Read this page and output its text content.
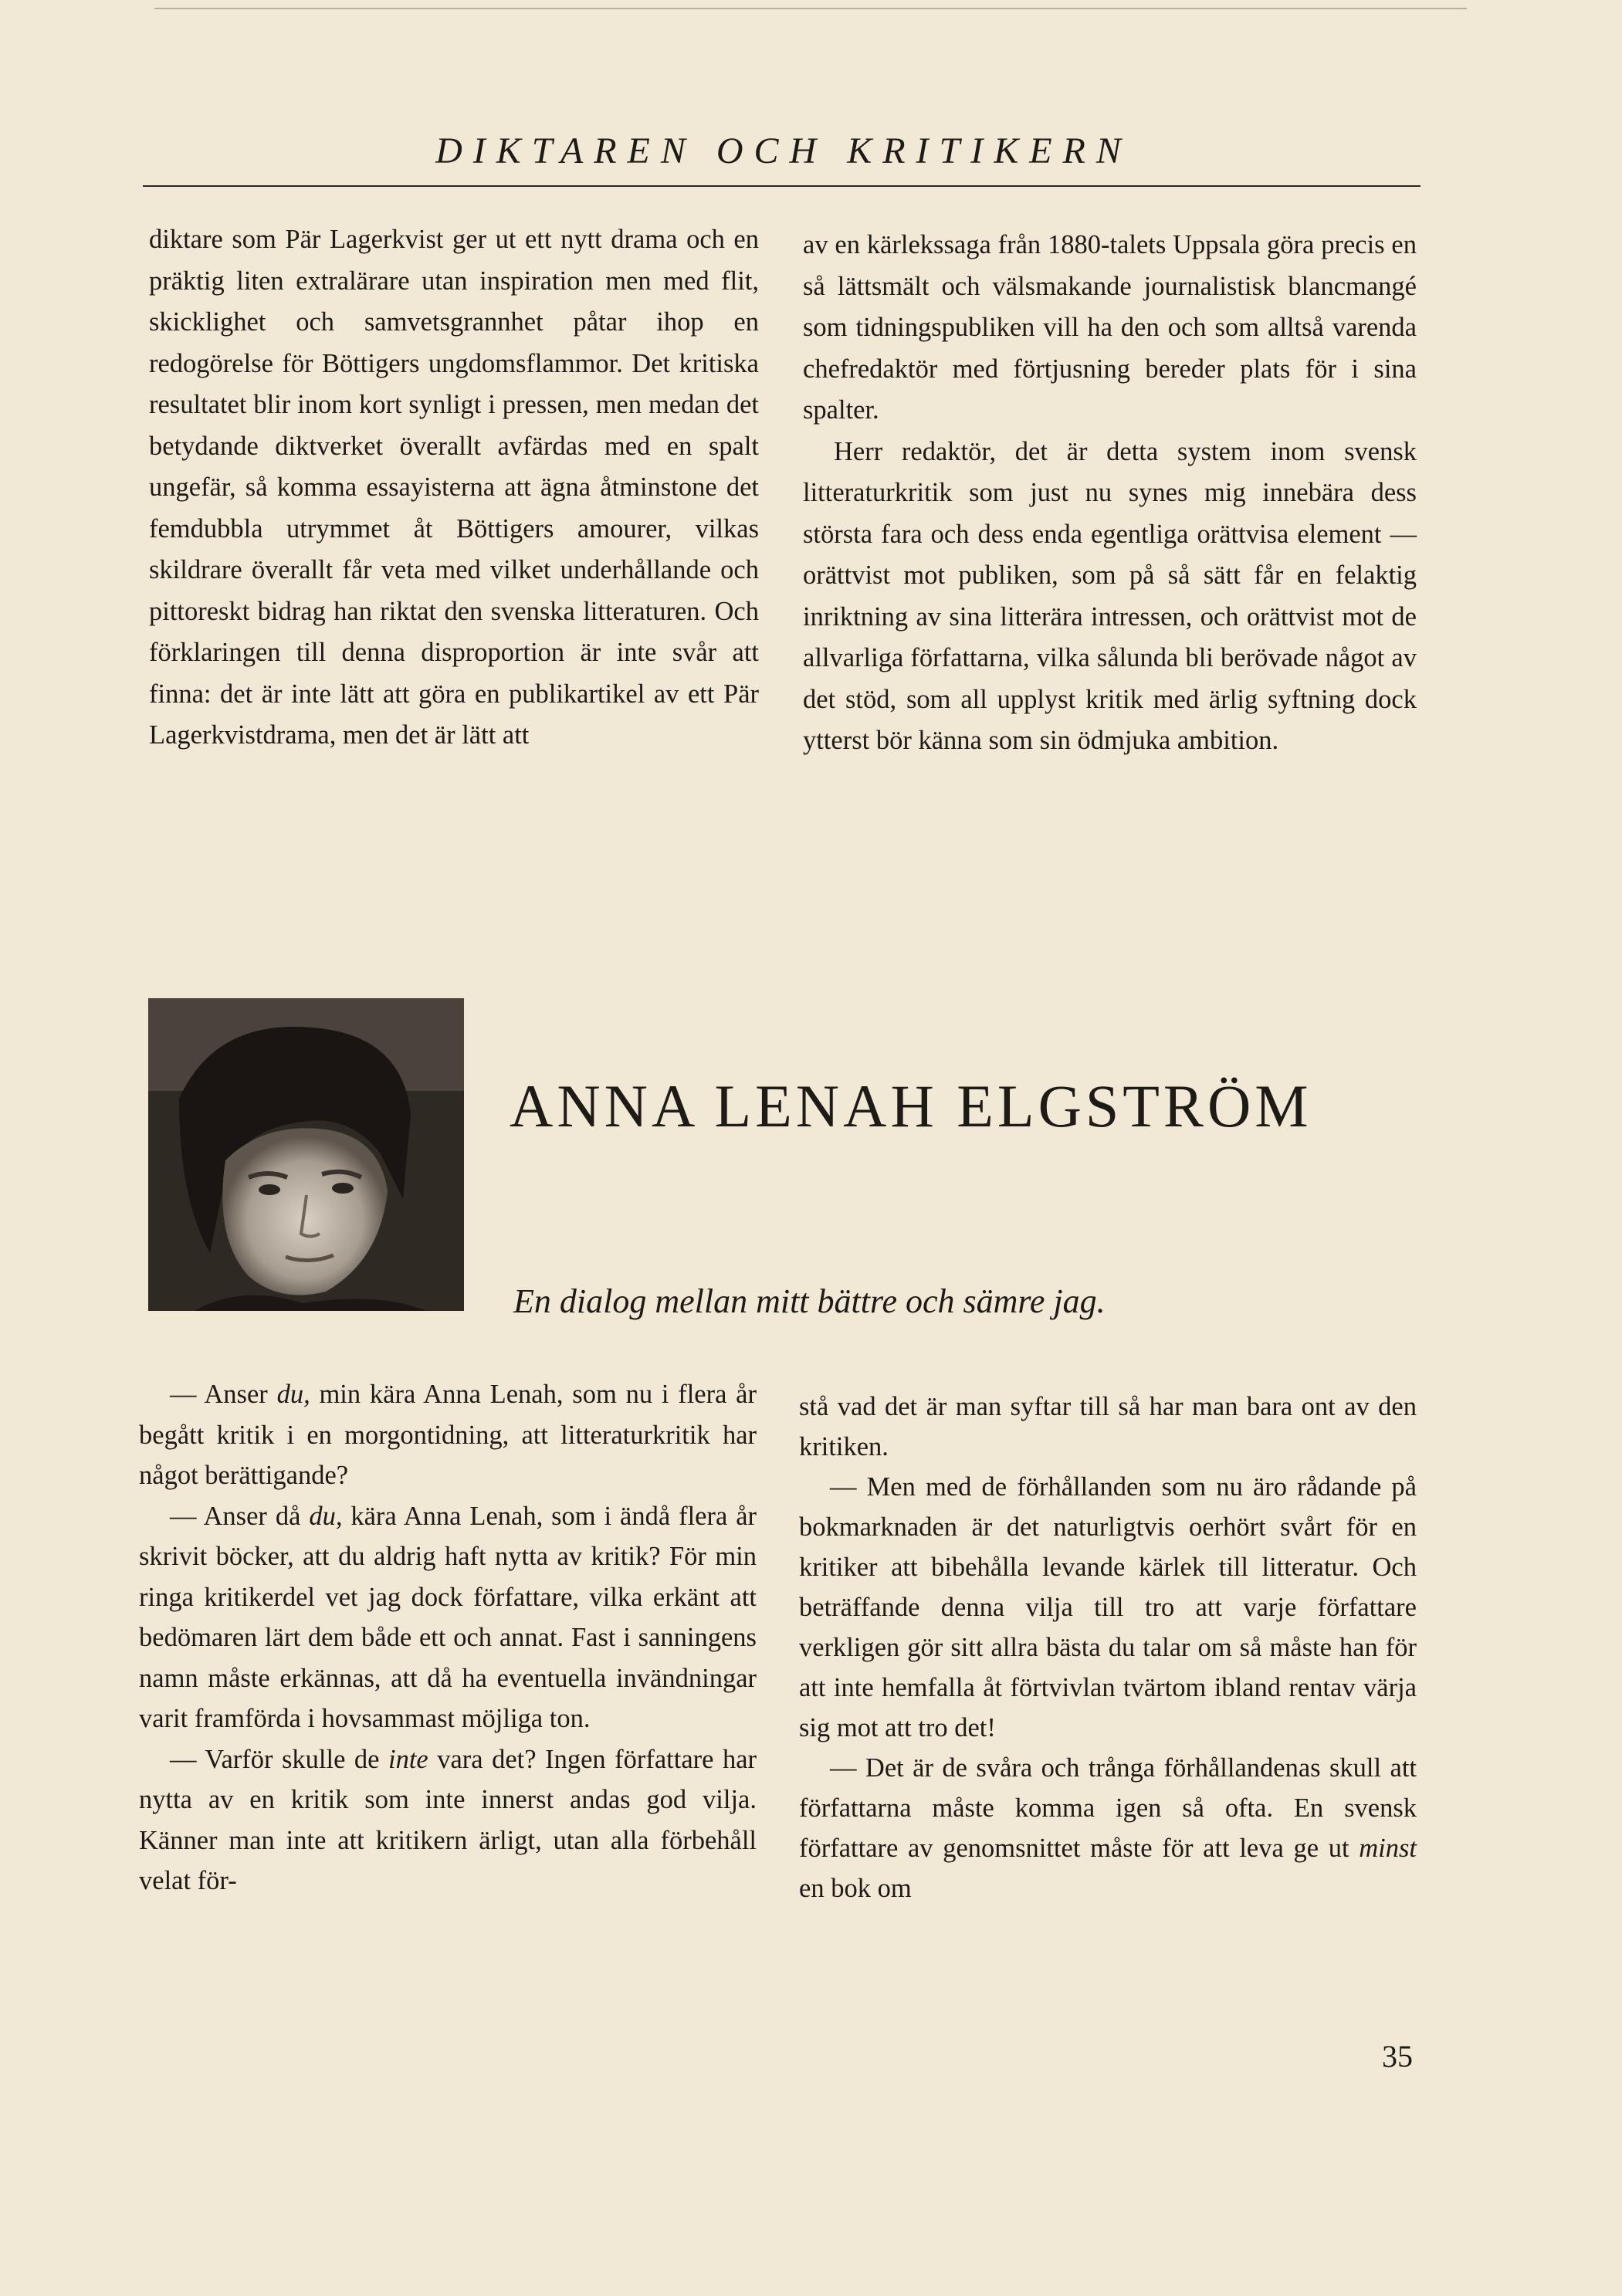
DIKTAREN OCH KRITIKERN

diktare som Pär Lagerkvist ger ut ett nytt drama och en präktig liten extralärare utan inspiration men med flit, skicklighet och samvetsgrannhet påtar ihop en redogörelse för Böttigers ungdomsflammor. Det kritiska resultatet blir inom kort synligt i pressen, men medan det betydande diktverket överallt avfärdas med en spalt ungefär, så komma essayisterna att ägna åtminstone det femdubbla utrymmet åt Böttigers amourer, vilkas skildrare överallt får veta med vilket underhållande och pittoreskt bidrag han riktat den svenska litteraturen. Och förklaringen till denna disproportion är inte svår att finna: det är inte lätt att göra en publikartikel av ett Pär Lagerkvistdrama, men det är lätt att

av en kärlekssaga från 1880-talets Uppsala göra precis en så lättsmält och välsmakande journalistisk blancmangé som tidningspubliken vill ha den och som alltså varenda chefredaktör med förtjusning bereder plats för i sina spalter.

Herr redaktör, det är detta system inom svensk litteraturkritik som just nu synes mig innebära dess största fara och dess enda egentliga orättvisa element — orättvist mot publiken, som på så sätt får en felaktig inriktning av sina litterära intressen, och orättvist mot de allvarliga författarna, vilka sålunda bli berövade något av det stöd, som all upplyst kritik med ärlig syftning dock ytterst bör känna som sin ödmjuka ambition.

ANNA LENAH ELGSTRÖM
En dialog mellan mitt bättre och sämre jag.

— Anser du, min kära Anna Lenah, som nu i flera år begått kritik i en morgontidning, att litteraturkritik har något berättigande?

— Anser då du, kära Anna Lenah, som i ändå flera år skrivit böcker, att du aldrig haft nytta av kritik? För min ringa kritikerdel vet jag dock författare, vilka erkänt att bedömaren lärt dem både ett och annat. Fast i sanningens namn måste erkännas, att då ha eventuella invändningar varit framförda i hovsammast möjliga ton.

— Varför skulle de inte vara det? Ingen författare har nytta av en kritik som inte innerst andas god vilja. Känner man inte att kritikern ärligt, utan alla förbehåll velat för-

stå vad det är man syftar till så har man bara ont av den kritiken.

— Men med de förhållanden som nu äro rådande på bokmarknaden är det naturligtvis oerhört svårt för en kritiker att bibehålla levande kärlek till litteratur. Och beträffande denna vilja till tro att varje författare verkligen gör sitt allra bästa du talar om så måste han för att inte hemfalla åt förtvivlan tvärtom ibland rentav värja sig mot att tro det!

— Det är de svåra och trånga förhållandenas skull att författarna måste komma igen så ofta. En svensk författare av genomsnittet måste för att leva ge ut minst en bok om

35
